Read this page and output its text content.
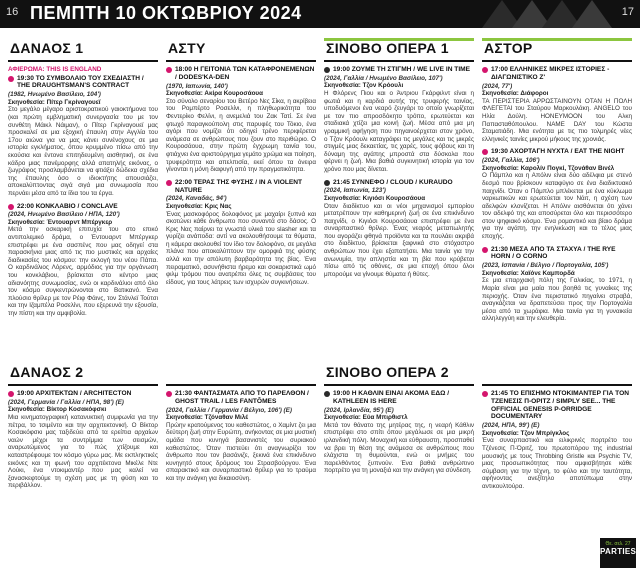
16 ΠΕΜΠΤΗ 10 ΟΚΤΩΒΡΙΟΥ 2024	17
ΔΑΝΑΟΣ 1
ΑΦΙΕΡΩΜΑ: THIS IS ENGLAND
19:30 ΤΟ ΣΥΜΒΟΛΑΙΟ ΤΟΥ ΣΧΕΔΙΑΣΤΗ / THE DRAUGHTSMAN'S CONTRACT
(1982, Ηνωμένο Βασίλειο, 104')
Σκηνοθεσία: Πίτερ Γκρίναγουεϊ
Στο μεγάλο μέγαρο αριστοκρατικού γαιοκτήμονα του (και πρώτη εμβληματική συνεργασία του με τον συνθέτη Μάικλ Νάιμαν), ο Πίτερ Γκρίναγουεϊ μας προσκαλεί σε μια εξοχική έπαυλη στην Αγγλία του 17ου αιώνα για να μας κάνει συνένοχους σε μια ιστορία εγκλήματος, όπου κρυμμένο πίσω από την εκούσια και έντονα επιτηδευμένη αισθητική, σε ένα κάδρο μιας πανέμορφης αλλά απατηλής εικόνας, ο ζωγράφος προσλαμβάνεται να φτιάξει δώδεκα σχέδια της έπαυλης όσο ο ιδιοκτήτης απουσιάζει, αποκαλύπτοντας σιγά σιγά μια συνωμοσία που περνάει μέσα από τα ίδια του τα έργα.
22:00 ΚΟΝΚΛΑΒΙΟ / CONCLAVE
(2024, Ηνωμένο Βασίλειο / ΗΠΑ, 120')
Σκηνοθεσία: Έντουαρντ Μπέργκερ
Μετά την οσκαρική επιτυχία του στο επικό αντιπολεμικό δράμα, ο Έντουαρντ Μπέργκερ επιστρέφει με ένα σασπένς που μας οδηγεί στα παρασκήνια μιας από τις πιο μυστικές και αρχαίες διαδικασίες του κόσμου: την εκλογή του νέου Πάπα. Ο καρδινάλιος Λόρενς, αρμόδιος για την οργάνωση του κονκλάβιου, βρίσκεται στο κέντρο μιας αδιανόητης συνωμοσίας, ενώ οι καρδινάλιοι από όλο τον κόσμο συγκεντρώνονται στο Βατικανό. Ένα πλούσιο θρίλερ με τον Ρέιφ Φάινς, τον Στάνλεϊ Τούτσι και την Ιζαμπέλα Ροσελίνι, που εξερευνά την εξουσία, την πίστη και την αμφιβολία.
ΑΣΤΥ
18:00 Η ΓΕΙΤΟΝΙΑ ΤΩΝ ΚΑΤΑΦΡΟΝΕΜΕΝΩΝ / DODES'KA-DEN
(1970, Ιαπωνία, 140')
Σκηνοθεσία: Ακίρα Κουροσάουα
Στο σύνολο σεναρίου του Βετέρο Νες Σίκα, η ακρίβεια του Ρομπέρτο Ροσελίνι, η πληθωρικότητα του Φεντερίκο Φελίνι, η ανεμελιά του Ζακ Τατί. Σε ένα φτωχό παραγκούπολη στις παρυφές του Τόκιο, ένα αγόρι που νομίζει ότι οδηγεί τρένο περιφέρεται ανάμεσα σε ανθρώπους που ζουν στο περιθώριο. Ο Κουροσάουα, στην πρώτη έγχρωμη ταινία του, φτιάχνει ένα αριστούργημα γεμάτο χρώμα και ποίηση, τρυφερότητα και απελπισία, εκεί όπου τα όνειρα γίνονται η μόνη διαφυγή από την πραγματικότητα.
22:00 ΤΕΡΑΣ ΤΗΣ ΦΥΣΗΣ / IN A VIOLENT NATURE
(2024, Καναδάς, 94')
Σκηνοθεσία: Κρις Νας
Ένας μασκοφόρος δολοφόνος με μαχαίρι ξυπνά και σκοτώνει κάθε άνθρωπο που συναντά στο δάσος. Ο Κρις Νας παίρνει τα γνωστά υλικά του slasher και τα γυρίζει ανάποδα: αντί να ακολουθήσουμε τα θύματα, η κάμερα ακολουθεί τον ίδιο τον δολοφόνο, σε μεγάλα πλάνα που αποκαλύπτουν την ομορφιά της φύσης αλλά και την απόλυτη βαρβαρότητα της βίας. Ένα πειραματικό, ασυνήθιστα ήρεμο και σοκαριστικά ωμό φιλμ τρόμου που ανατρέπει όλες τις συμβάσεις του είδους, για τους λάτρεις των ισχυρών συγκινήσεων.
ΣΙΝΟΒΟ ΟΠΕΡΑ 1
19:00 ΖΟΥΜΕ ΤΗ ΣΤΙΓΜΗ / WE LIVE IN TIME
(2024, Γαλλία / Ηνωμένο Βασίλειο, 107')
Σκηνοθεσία: Τζον Κρόουλι
Η Φλόρενς Πιου και ο Άντριου Γκάρφιλντ είναι η φωτιά και η καρδιά αυτής της τρυφερής ταινίας, υποδυόμενοι ένα νεαρό ζευγάρι το οποίο γνωρίζεται με τον πιο απροσδόκητο τρόπο, ερωτεύεται και σταδιακά χτίζει μια κοινή ζωή. Μέσα από μια μη γραμμική αφήγηση που πηγαινοέρχεται στον χρόνο, ο Τζον Κρόουλι καταγράφει τις μεγάλες και τις μικρές στιγμές μιας δεκαετίας, τις χαρές, τους φόβους και τη δύναμη της αγάπης μπροστά στα δύσκολα που φέρνει η ζωή. Μια βαθιά συγκινητική ιστορία για τον χρόνο που μας δίνεται.
21:45 ΣΥΝΝΕΦΟ / CLOUD / KURAUDO
(2024, Ιαπωνία, 123')
Σκηνοθεσία: Κιγιόσι Κουροσάουα
Όταν διαδίκτυο και οι νέοι μηχανισμοί εμπορίου μετατρέπουν την καθημερινή ζωή σε ένα επικίνδυνο παιχνίδι, ο Κιγιόσι Κουροσάουα επιστρέφει με ένα συναρπαστικό θρίλερ. Ένας νεαρός μεταπωλητής που αγοράζει φθηνά προϊόντα και τα πουλάει ακριβά στο διαδίκτυο, βρίσκεται ξαφνικά στο στόχαστρο ανθρώπων που έχει εξαπατήσει. Μια ταινία για την ανωνυμία, την απληστία και τη βία που κρύβεται πίσω από τις οθόνες, σε μια εποχή όπου όλοι μπορούμε να γίνουμε θύματα ή θύτες.
ΑΣΤΟΡ
17:00 ΕΛΛΗΝΙΚΕΣ ΜΙΚΡΕΣ ΙΣΤΟΡΙΕΣ - ΔΙΑΓΩΝΙΣΤΙΚΟ Ζ'
(2024, 77')
Σκηνοθεσία: Διάφοροι
ΤΑ ΠΕΡΙΣΤΕΡΙΑ ΑΡΡΩΣΤΑΙΝΟΥΝ ΟΤΑΝ Η ΠΟΛΗ ΦΛΕΓΕΤΑΙ του Σταύρου Μαρκουλάκη. ANGELO του Ηλία Δούλη. HONEYMOON του Αλκη Παπασταθόπουλου. NAME DAY του Κώστα Σταματιάδη. Μια ενότητα με τις πιο τολμηρές νέες ελληνικές ταινίες μικρού μήκους της χρονιάς.
19:30 ΑΧΟΡΤΑΓΗ ΝΥΧΤΑ / EAT THE NIGHT
(2024, Γαλλία, 106')
Σκηνοθεσία: Καρολίν Πογκί, Τζονάθαν Βινέλ
Ο Πάμπλο και η Απόλιν είναι δύο αδέλφια με στενό δεσμό που βρίσκουν καταφύγιο σε ένα διαδικτυακό παιχνίδι. Όταν ο Πάμπλο μπλέκεται με ένα κύκλωμα ναρκωτικών και ερωτεύεται τον Νάιτ, η σχέση των αδελφών κλονίζεται. Η Απόλιν αισθάνεται ότι χάνει τον αδελφό της και αποσύρεται όλο και περισσότερο στον ψηφιακό κόσμο. Ένα ρομαντικό και βίαιο δράμα για την αγάπη, την ενηλικίωση και το τέλος μιας εποχής.
21:30 ΜΕΣΑ ΑΠΟ ΤΑ ΣΤΑΧΥΑ / THE RYE HORN / O CORNO
(2023, Ισπανία / Βέλγιο / Πορτογαλία, 105')
Σκηνοθεσία: Χαϊόνε Καμπορδά
Σε μια επαρχιακή πόλη της Γαλικίας, το 1971, η Μαρία είναι μια μαία που βοηθά τις γυναίκες της περιοχής. Όταν ένα περιστατικό πηγαίνει στραβά, αναγκάζεται να δραπετεύσει προς την Πορτογαλία μέσα από τα χωράφια. Μια ταινία για τη γυναικεία αλληλεγγύη και την ελευθερία.
ΔΑΝΑΟΣ 2
19:00 ΑΡΧΙΤΕΚΤΩΝ / ARCHITECTON
(2024, Γερμανία / Γαλλία / ΗΠΑ, 98') (Ε)
Σκηνοθεσία: Βίκτορ Κοσακόφσκι
Μια κινηματογραφική κατανυκτική συμφωνία για την πέτρα, το τσιμέντο και την αρχιτεκτονική. Ο Βίκτορ Κοσακόφσκι μας ταξιδεύει από τα ερείπια αρχαίων ναών μέχρι τα συντρίμμια των σεισμών, αναρωτώμενος για το πώς χτίζουμε και καταστρέφουμε τον κόσμο γύρω μας. Με εκπληκτικές εικόνες και τη φωνή του αρχιτέκτονα Μικέλε Ντε Λούκι, ένα ντοκιμαντέρ που μας καλεί να ξανασκεφτούμε τη σχέση μας με τη φύση και το περιβάλλον.
21:30 ΦΑΝΤΑΣΜΑΤΑ ΑΠΟ ΤΟ ΠΑΡΕΛΘΟΝ / GHOST TRAIL / LES FANTÔMES
(2024, Γαλλία / Γερμανία / Βέλγιο, 106') (Ε)
Σκηνοθεσία: Τζόναθαν Μιλέ
Πρώην κρατούμενος του καθεστώτος, ο Χαμίντ ζει μια δεύτερη ζωή στην Ευρώπη, ανήκοντας σε μια μυστική ομάδα που κυνηγά βασανιστές του συριακού καθεστώτος. Όταν πιστεύει ότι αναγνωρίζει τον άνθρωπο που τον βασάνιζε, ξεκινά ένα επικίνδυνο κυνηγητό στους δρόμους του Στρασβούργου. Ένα σπαρακτικό και συναρπαστικό θρίλερ για το τραύμα και την ανάγκη για δικαιοσύνη.
ΣΙΝΟΒΟ ΟΠΕΡΑ 2
19:00 Η ΚΑΘΛΙΝ ΕΙΝΑΙ ΑΚΟΜΑ ΕΔΩ / KATHLEEN IS HERE
(2024, Ιρλανδία, 95') (Ε)
Σκηνοθεσία: Εύα Μπιρθιστλ
Μετά τον θάνατο της μητέρας της, η νεαρή Κάθλιν επιστρέφει στο σπίτι όπου μεγάλωσε σε μια μικρή ιρλανδική πόλη. Μοναχική και εύθραυστη, προσπαθεί να βρει τη θέση της ανάμεσα σε ανθρώπους που ελάχιστα τη θυμούνται, ενώ οι μνήμες του παρελθόντος ξυπνούν. Ένα βαθιά ανθρώπινο πορτρέτο για τη μοναξιά και την ανάγκη για σύνδεση.
21:45 ΤΟ ΕΠΙΣΗΜΟ ΝΤΟΚΙΜΑΝΤΕΡ ΓΙΑ ΤΟΝ ΤΖΕΝΕΣΙΣ Π-ΟΡΙΤΖ / SIMPLY SEE... THE OFFICIAL GENESIS P-ORRIDGE DOCUMENTARY
(2024, ΗΠΑ, 99') (Ε)
Σκηνοθεσία: Τζον Μπρίγκλος
Ένα συναρπαστικό και ειλικρινές πορτρέτο του Τζένεσις Π-Όριτζ, του πρωτοπόρου της industrial μουσικής με τους Throbbing Gristle και Psychic TV, μιας προσωπικότητας που αμφισβήτησε κάθε σύμβαση για την τέχνη, το φύλο και την ταυτότητα, αφήνοντας ανεξίτηλο αποτύπωμα στην αντικουλτούρα.
Θε. σελ. 27
PARTIES
